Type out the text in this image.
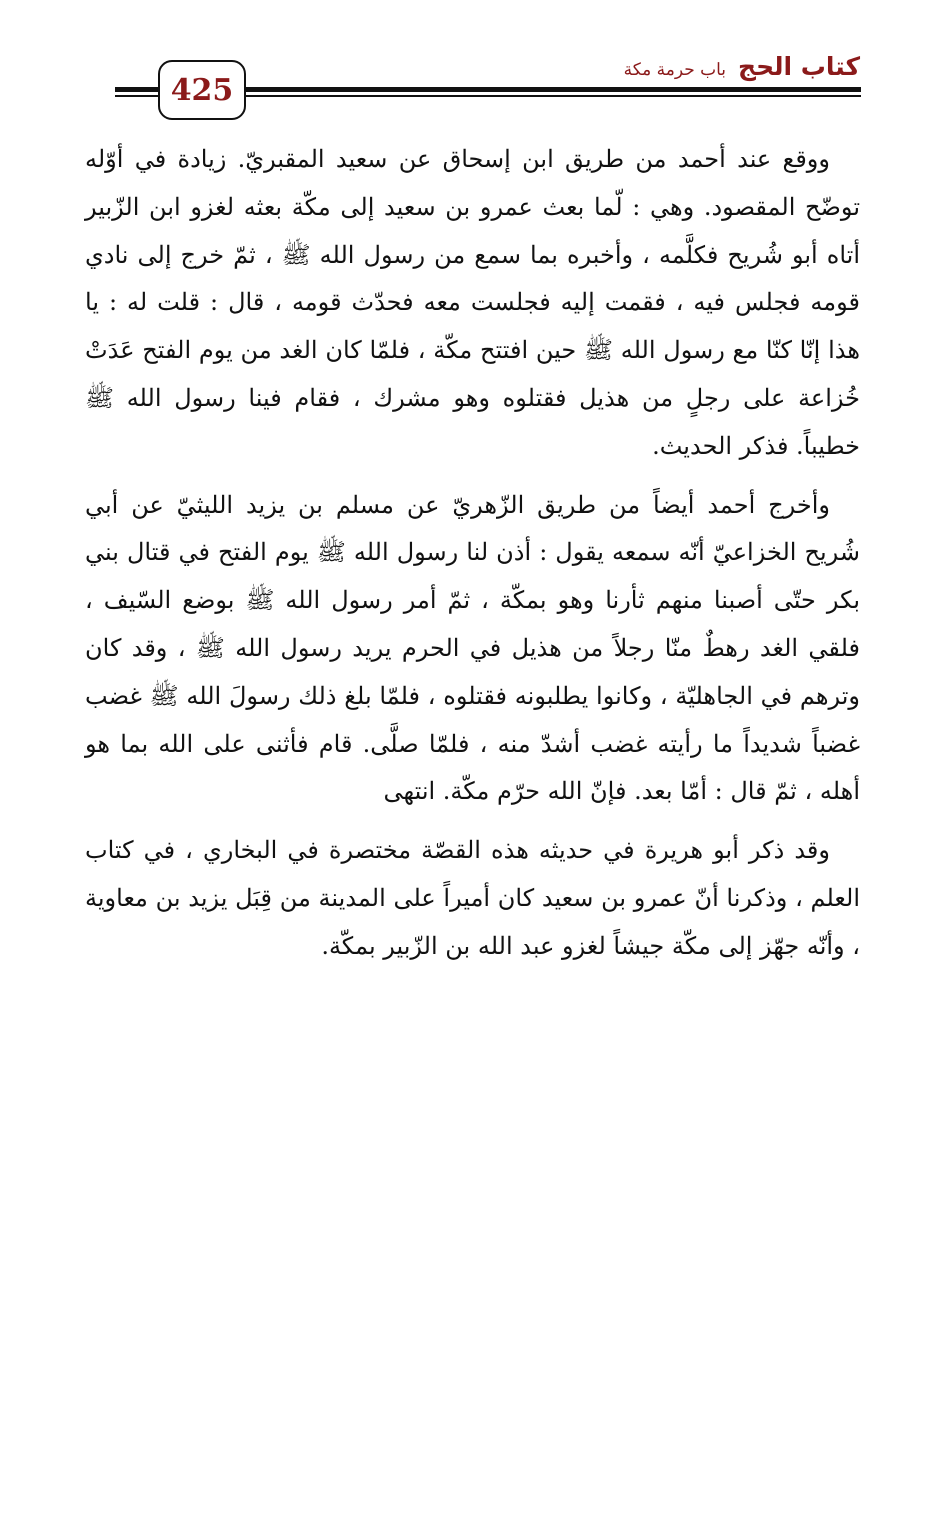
425
كتاب الحج
باب حرمة مكة

ووقع عند أحمد من طريق ابن إسحاق عن سعيد المقبريّ. زيادة في أوّله توضّح المقصود. وهي : لّما بعث عمرو بن سعيد إلى مكّة بعثه لغزو ابن الزّبير أتاه أبو شُريح فكلَّمه ، وأخبره بما سمع من رسول الله ﷺ ، ثمّ خرج إلى نادي قومه فجلس فيه ، فقمت إليه فجلست معه فحدّث قومه ، قال : قلت له : يا هذا إنّا كنّا مع رسول الله ﷺ حين افتتح مكّة ، فلمّا كان الغد من يوم الفتح عَدَتْ خُزاعة على رجلٍ من هذيل فقتلوه وهو مشرك ، فقام فينا رسول الله ﷺ خطيباً. فذكر الحديث.

وأخرج أحمد أيضاً من طريق الزّهريّ عن مسلم بن يزيد الليثيّ عن أبي شُريح الخزاعيّ أنّه سمعه يقول : أذن لنا رسول الله ﷺ يوم الفتح في قتال بني بكر حتّى أصبنا منهم ثأرنا وهو بمكّة ، ثمّ أمر رسول الله ﷺ بوضع السّيف ، فلقي الغد رهطٌ منّا رجلاً من هذيل في الحرم يريد رسول الله ﷺ ، وقد كان وترهم في الجاهليّة ، وكانوا يطلبونه فقتلوه ، فلمّا بلغ ذلك رسولَ الله ﷺ غضب غضباً شديداً ما رأيته غضب أشدّ منه ، فلمّا صلَّى. قام فأثنى على الله بما هو أهله ، ثمّ قال : أمّا بعد. فإنّ الله حرّم مكّة. انتهى

وقد ذكر أبو هريرة في حديثه هذه القصّة مختصرة في البخاري ، في كتاب العلم ، وذكرنا أنّ عمرو بن سعيد كان أميراً على المدينة من قِبَل يزيد بن معاوية ، وأنّه جهّز إلى مكّة جيشاً لغزو عبد الله بن الزّبير بمكّة.
